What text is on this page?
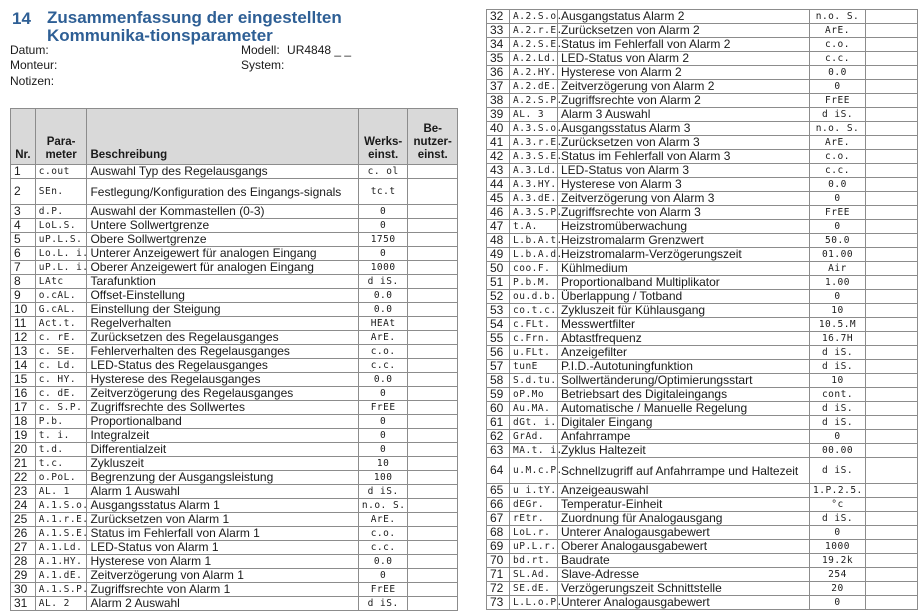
14 Zusammenfassung der eingestellten Kommunika-tionsparameter
Datum:
Monteur:
Notizen:
Modell: UR4848 _ _
System:
Nr.	Para-meter	Beschreibung	Werks-einst.	Be-nutzer-einst.
1	c.out	Auswahl Typ des Regelausgangs	c. ol	
2	SEn.	Festlegung/Konfiguration des Eingangs-signals	tc.t	
3	d.P.	Auswahl der Kommastellen (0-3)	0	
4	LoL.S.	Untere Sollwertgrenze	0	
5	uP.L.S.	Obere Sollwertgrenze	1750	
6	Lo.L. i.	Unterer Anzeigewert für analogen Eingang	0	
7	uP.L. i.	Oberer Anzeigewert für analogen Eingang	1000	
8	LAtc	Tarafunktion	d iS.	
9	o.cAL.	Offset-Einstellung	0.0	
10	G.cAL.	Einstellung der Steigung	0.0	
11	Act.t.	Regelverhalten	HEAt	
12	c. rE.	Zurücksetzen des Regelausganges	ArE.	
13	c. SE.	Fehlerverhalten des Regelausganges	c.o.	
14	c. Ld.	LED-Status des Regelausganges	c.c.	
15	c. HY.	Hysterese des Regelausganges	0.0	
16	c. dE.	Zeitverzögerung des Regelausganges	0	
17	c. S.P.	Zugriffsrechte des Sollwertes	FrEE	
18	P.b.	Proportionalband	0	
19	t. i.	Integralzeit	0	
20	t.d.	Differentialzeit	0	
21	t.c.	Zykluszeit	10	
22	o.PoL.	Begrenzung der Ausgangsleistung	100	
23	AL. 1	Alarm 1 Auswahl	d iS.	
24	A.1.S.o.	Ausgangsstatus Alarm 1	n.o. S.	
25	A.1.r.E.	Zurücksetzen von Alarm 1	ArE.	
26	A.1.S.E.	Status im Fehlerfall von Alarm 1	c.o.	
27	A.1.Ld.	LED-Status von Alarm 1	c.c.	
28	A.1.HY.	Hysterese von Alarm 1	0.0	
29	A.1.dE.	Zeitverzögerung von Alarm 1	0	
30	A.1.S.P.	Zugriffsrechte von Alarm 1	FrEE	
31	AL. 2	Alarm 2 Auswahl	d iS.	
32	A.2.S.o.	Ausgangstatus Alarm 2	n.o. S.	
33	A.2.r.E.	Zurücksetzen von Alarm 2	ArE.	
34	A.2.S.E.	Status im Fehlerfall von Alarm 2	c.o.	
35	A.2.Ld.	LED-Status von Alarm 2	c.c.	
36	A.2.HY.	Hysterese von Alarm 2	0.0	
37	A.2.dE.	Zeitverzögerung von Alarm 2	0	
38	A.2.S.P.	Zugriffsrechte von Alarm 2	FrEE	
39	AL. 3	Alarm 3 Auswahl	d iS.	
40	A.3.S.o.	Ausgangsstatus Alarm 3	n.o. S.	
41	A.3.r.E.	Zurücksetzen von Alarm 3	ArE.	
42	A.3.S.E.	Status im Fehlerfall von Alarm 3	c.o.	
43	A.3.Ld.	LED-Status von Alarm 3	c.c.	
44	A.3.HY.	Hysterese von Alarm 3	0.0	
45	A.3.dE.	Zeitverzögerung von Alarm 3	0	
46	A.3.S.P.	Zugriffsrechte von Alarm 3	FrEE	
47	t.A.	Heizstromüberwachung	0	
48	L.b.A.t.	Heizstromalarm Grenzwert	50.0	
49	L.b.A.d.	Heizstromalarm-Verzögerungszeit	01.00	
50	coo.F.	Kühlmedium	Air	
51	P.b.M.	Proportionalband Multiplikator	1.00	
52	ou.d.b.	Überlappung / Totband	0	
53	co.t.c.	Zykluszeit für Kühlausgang	10	
54	c.FLt.	Messwertfilter	10.5.M	
55	c.Frn.	Abtastfrequenz	16.7H	
56	u.FLt.	Anzeigefilter	d iS.	
57	tunE	P.I.D.-Autotuningfunktion	d iS.	
58	S.d.tu.	Sollwertänderung/Optimierungsstart	10	
59	oP.Mo	Betriebsart des Digitaleingangs	cont.	
60	Au.MA.	Automatische / Manuelle Regelung	d iS.	
61	dGt. i.	Digitaler Eingang	d iS.	
62	GrAd.	Anfahrrampe	0	
63	MA.t. i.	Zyklus Haltezeit	00.00	
64	u.M.c.P.	Schnellzugriff auf Anfahrrampe und Haltezeit	d iS.	
65	u i.tY.	Anzeigeauswahl	1.P.2.5.	
66	dEGr.	Temperatur-Einheit	°c	
67	rEtr.	Zuordnung für Analogausgang	d iS.	
68	LoL.r.	Unterer Analogausgabewert	0	
69	uP.L.r.	Oberer Analogausgabewert	1000	
70	bd.rt.	Baudrate	19.2k	
71	SL.Ad.	Slave-Adresse	254	
72	SE.dE.	Verzögerungszeit Schnittstelle	20	
73	L.L.o.P.	Unterer Analogausgabewert	0	
